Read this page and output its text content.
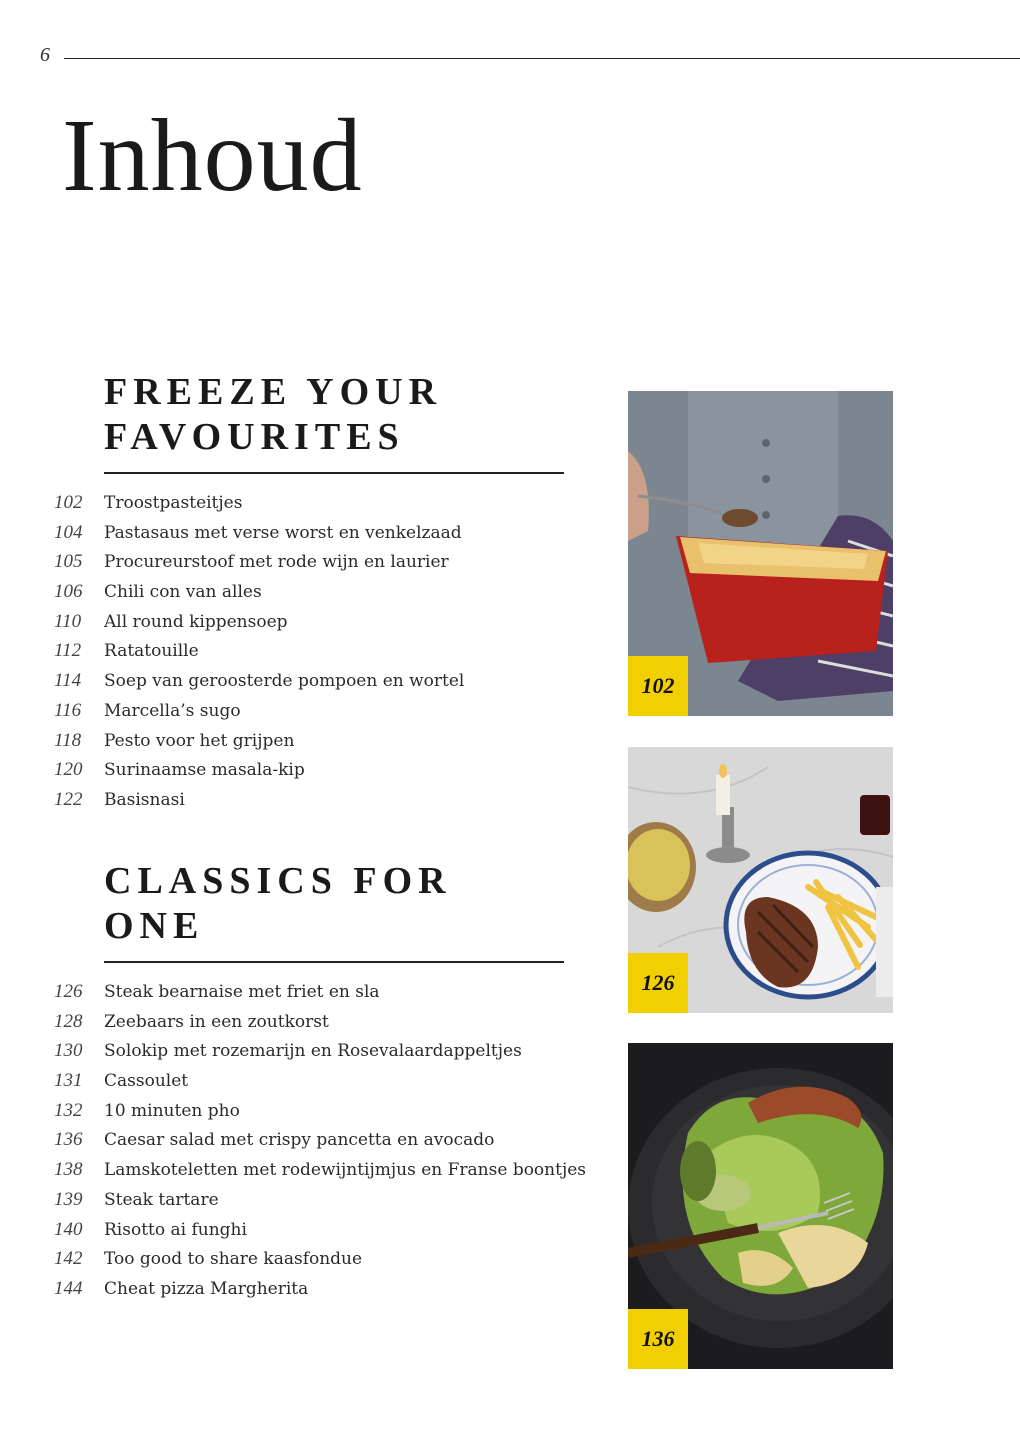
6
Inhoud
FREEZE YOUR
FAVOURITES
102	Troostpasteitjes
104	Pastasaus met verse worst en venkelzaad
105	Procureurstoof met rode wijn en laurier
106	Chili con van alles
110	All round kippensoep
112	Ratatouille
114	Soep van geroosterde pompoen en wortel
116	Marcella’s sugo
118	Pesto voor het grijpen
120	Surinaamse masala-kip
122	Basisnasi
CLASSICS FOR ONE
126	Steak bearnaise met friet en sla
128	Zeebaars in een zoutkorst
130	Solokip met rozemarijn en Rosevalaardappeltjes
131	Cassoulet
132	10 minuten pho
136	Caesar salad met crispy pancetta en avocado
138	Lamskoteletten met rodewijntijmjus en Franse boontjes
139	Steak tartare
140	Risotto ai funghi
142	Too good to share kaasfondue
144	Cheat pizza Margherita
102
126
136
